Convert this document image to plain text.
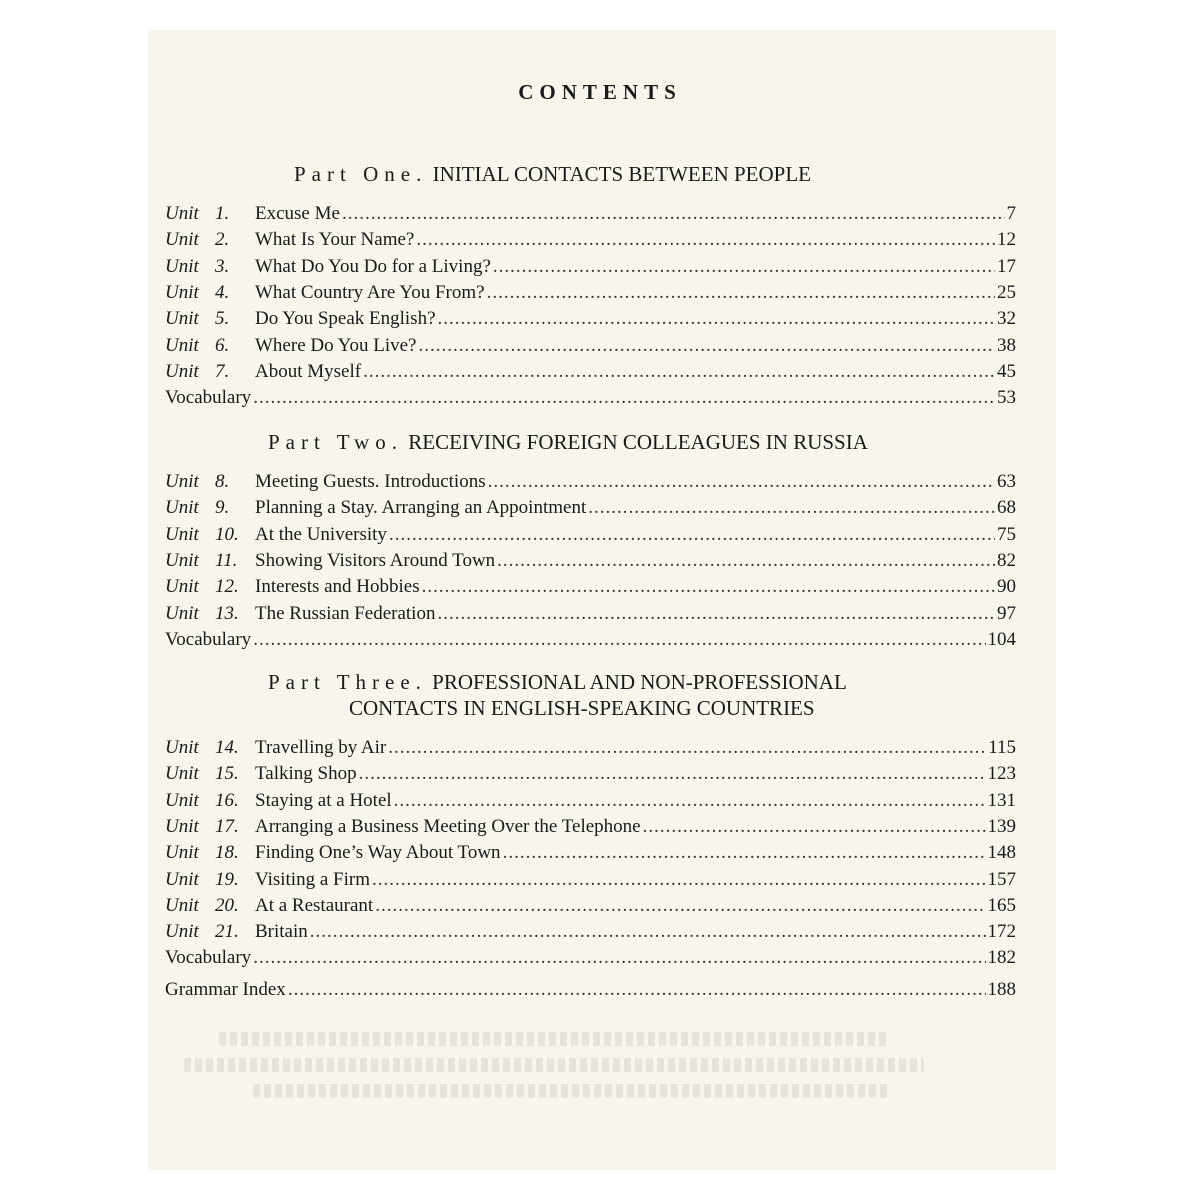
CONTENTS
Part One. INITIAL CONTACTS BETWEEN PEOPLE
Part Two. RECEIVING FOREIGN COLLEAGUES IN RUSSIA
Part Three. PROFESSIONAL AND NON-PROFESSIONAL
CONTACTS IN ENGLISH-SPEAKING COUNTRIES
Unit 1.	Excuse Me .....	7
Unit 2.	What Is Your Name? .....	12
Unit 3.	What Do You Do for a Living? .....	17
Unit 4.	What Country Are You From? .....	25
Unit 5.	Do You Speak English? .....	32
Unit 6.	Where Do You Live? .....	38
Unit 7.	About Myself .....	45
Vocabulary .....	53
Unit 8.	Meeting Guests. Introductions .....	63
Unit 9.	Planning a Stay. Arranging an Appointment .....	68
Unit 10. At the University .....	75
Unit 11. Showing Visitors Around Town .....	82
Unit 12. Interests and Hobbies .....	90
Unit 13. The Russian Federation .....	97
Vocabulary .....	104
Unit 14. Travelling by Air .....	115
Unit 15. Talking Shop .....	123
Unit 16. Staying at a Hotel .....	131
Unit 17. Arranging a Business Meeting Over the Telephone .....	139
Unit 18. Finding One’s Way About Town .....	148
Unit 19. Visiting a Firm .....	157
Unit 20. At a Restaurant .....	165
Unit 21. Britain .....	172
Vocabulary .....	182
Grammar Index .....	188
